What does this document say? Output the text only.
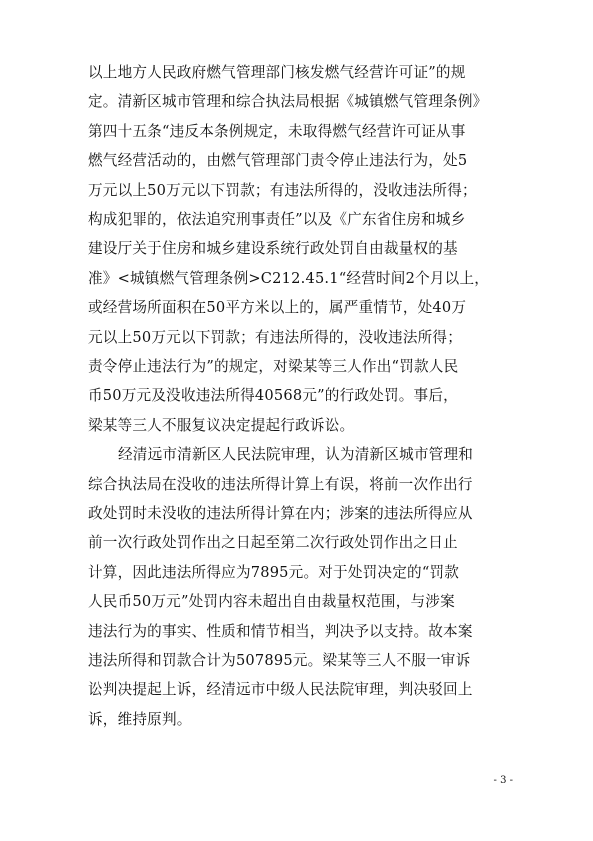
以上地方人民政府燃气管理部门核发燃气经营许可证”的规
定。清新区城市管理和综合执法局根据《城镇燃气管理条例》
第四十五条“违反本条例规定，未取得燃气经营许可证从事
燃气经营活动的，由燃气管理部门责令停止违法行为，处5
万元以上50万元以下罚款；有违法所得的，没收违法所得；
构成犯罪的，依法追究刑事责任”以及《广东省住房和城乡
建设厅关于住房和城乡建设系统行政处罚自由裁量权的基
准》<城镇燃气管理条例>C212.45.1“经营时间2个月以上，
或经营场所面积在50平方米以上的，属严重情节，处40万
元以上50万元以下罚款；有违法所得的，没收违法所得；
责令停止违法行为”的规定，对梁某等三人作出“罚款人民
币50万元及没收违法所得40568元”的行政处罚。事后，
梁某等三人不服复议决定提起行政诉讼。
经清远市清新区人民法院审理，认为清新区城市管理和
综合执法局在没收的违法所得计算上有误，将前一次作出行
政处罚时未没收的违法所得计算在内；涉案的违法所得应从
前一次行政处罚作出之日起至第二次行政处罚作出之日止
计算，因此违法所得应为7895元。对于处罚决定的“罚款
人民币50万元”处罚内容未超出自由裁量权范围，与涉案
违法行为的事实、性质和情节相当，判决予以支持。故本案
违法所得和罚款合计为507895元。梁某等三人不服一审诉
讼判决提起上诉，经清远市中级人民法院审理，判决驳回上
诉，维持原判。
- 3 -
